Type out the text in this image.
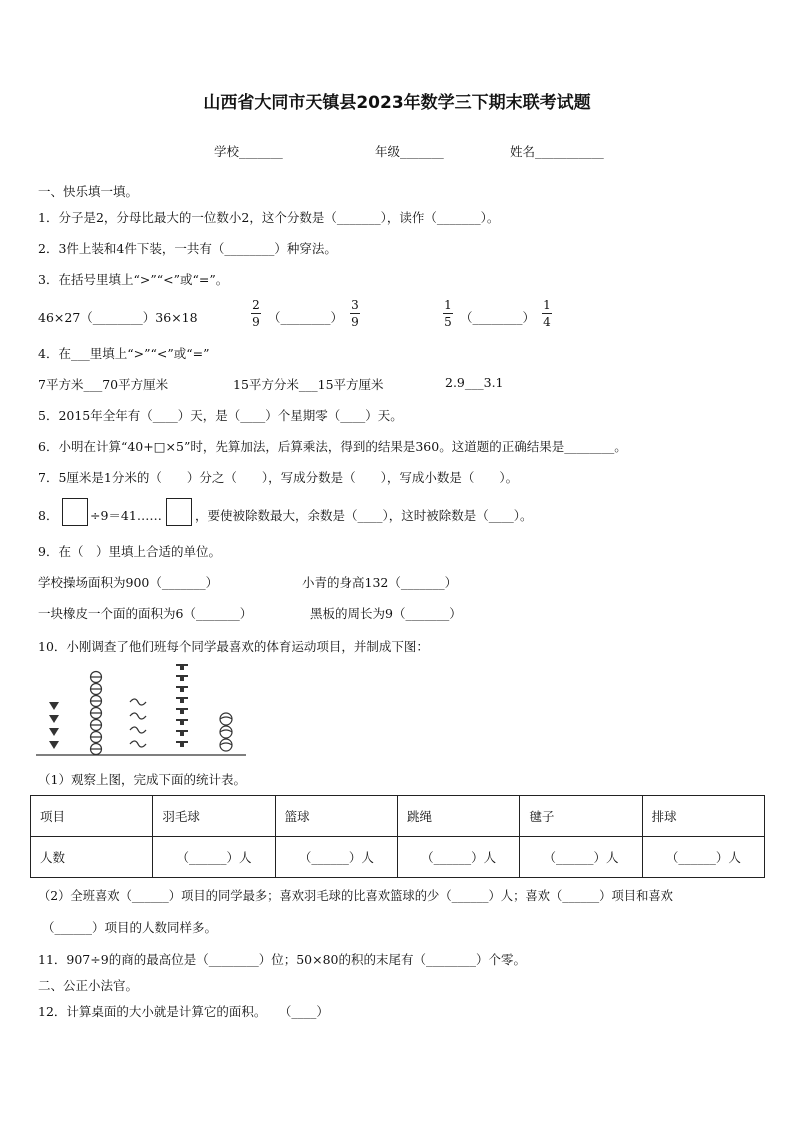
山西省大同市天镇县2023年数学三下期末联考试题
学校_______	年级_______	姓名___________
一、快乐填一填。
1．分子是2，分母比最大的一位数小2，这个分数是（_______），读作（_______）。
2．3件上装和4件下装，一共有（________）种穿法。
3．在括号里填上“>”“<”或“=”。
46×27（________）36×18
2
9 （________）
3
9
1
5 （________）
1
4
4．在___里填上“>”“<”或“=”
7平方米___70平方厘米	15平方分米___15平方厘米	2.9___3.1
5．2015年全年有（____）天，是（____）个星期零（____）天。
6．小明在计算“40+□×5”时，先算加法，后算乘法，得到的结果是360。这道题的正确结果是________。
7．5厘米是1分米的（　　）分之（　　），写成分数是（　　），写成小数是（　　）。
8．	÷9＝41……	，要使被除数最大，余数是（____），这时被除数是（____）。
9．在（　）里填上合适的单位。
学校操场面积为900（_______）	小青的身高132（_______）
一块橡皮一个面的面积为6（_______）	黑板的周长为9（_______）
10．小刚调查了他们班每个同学最喜欢的体育运动项目，并制成下图：
（1）观察上图，完成下面的统计表。
项目	羽毛球	篮球	跳绳	毽子	排球
人数	（______）人	（______）人	（______）人	（______）人	（______）人
（2）全班喜欢（______）项目的同学最多；喜欢羽毛球的比喜欢篮球的少（______）人；喜欢（______）项目和喜欢
（______）项目的人数同样多。
11．907÷9的商的最高位是（________）位；50×80的积的末尾有（________）个零。
二、公正小法官。
12．计算桌面的大小就是计算它的面积。　　（____）
